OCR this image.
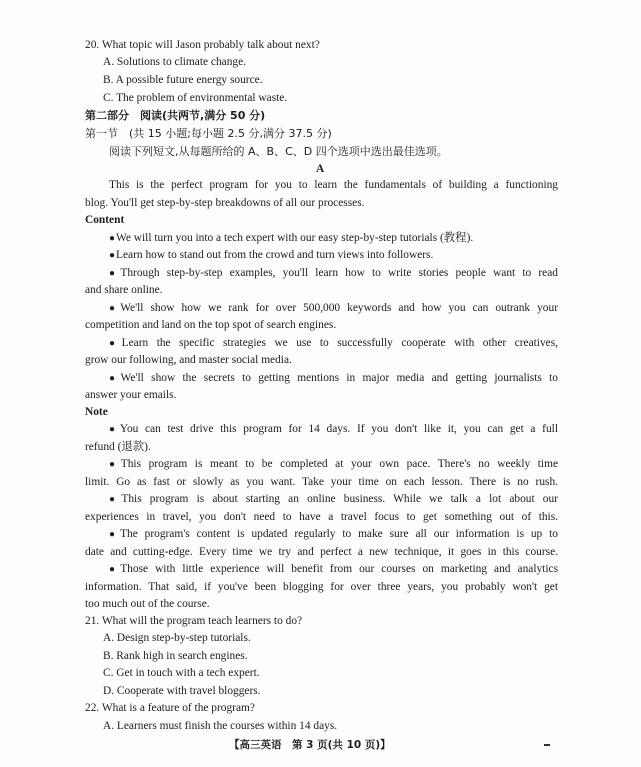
20. What topic will Jason probably talk about next?
A. Solutions to climate change.
B. A possible future energy source.
C. The problem of environmental waste.
第二部分　阅读(共两节,满分 50 分)
第一节　(共 15 小题;每小题 2.5 分,满分 37.5 分)
阅读下列短文,从每题所给的 A、B、C、D 四个选项中选出最佳选项。
A
This is the perfect program for you to learn the fundamentals of building a functioning
blog. You'll get step-by-step breakdowns of all our processes.
Content
●We will turn you into a tech expert with our easy step-by-step tutorials (教程).
●Learn how to stand out from the crowd and turn views into followers.
●Through step-by-step examples, you'll learn how to write stories people want to read
and share online.
●We'll show how we rank for over 500,000 keywords and how you can outrank your
competition and land on the top spot of search engines.
●Learn the specific strategies we use to successfully cooperate with other creatives,
grow our following, and master social media.
●We'll show the secrets to getting mentions in major media and getting journalists to
answer your emails.
Note
●You can test drive this program for 14 days. If you don't like it, you can get a full
refund (退款).
●This program is meant to be completed at your own pace. There's no weekly time
limit. Go as fast or slowly as you want. Take your time on each lesson. There is no rush.
●This program is about starting an online business. While we talk a lot about our
experiences in travel, you don't need to have a travel focus to get something out of this.
●The program's content is updated regularly to make sure all our information is up to
date and cutting-edge. Every time we try and perfect a new technique, it goes in this course.
●Those with little experience will benefit from our courses on marketing and analytics
information. That said, if you've been blogging for over three years, you probably won't get
too much out of the course.
21. What will the program teach learners to do?
A. Design step-by-step tutorials.
B. Rank high in search engines.
C. Get in touch with a tech expert.
D. Cooperate with travel bloggers.
22. What is a feature of the program?
A. Learners must finish the courses within 14 days.
【高三英语　第 3 页(共 10 页)】
